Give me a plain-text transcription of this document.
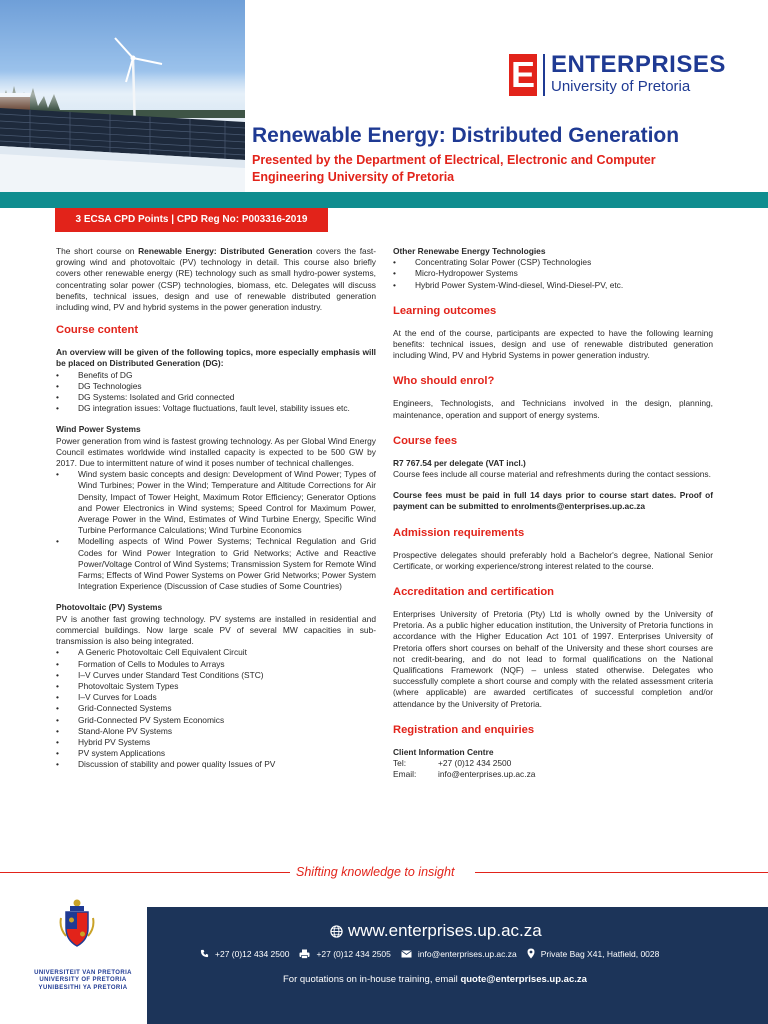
E ENTERPRISES
University of Pretoria
Renewable Energy: Distributed Generation
Presented by the Department of Electrical, Electronic and Computer Engineering University of Pretoria
3 ECSA CPD Points | CPD Reg No: P003316-2019

The short course on Renewable Energy: Distributed Generation covers the fast-growing wind and photovoltaic (PV) technology in detail. This course also briefly covers other renewable energy (RE) technology such as small hydro-power systems, concentrating solar power (CSP) technologies, biomass, etc. Delegates will discuss benefits, technical issues, design and use of renewable distributed generation including wind, PV and hybrid systems in the power generation industry.

Course content

An overview will be given of the following topics, more especially emphasis will be placed on Distributed Generation (DG):

• Benefits of DG
• DG Technologies
• DG Systems: Isolated and Grid connected
• DG integration issues: Voltage fluctuations, fault level, stability issues etc.
Wind Power Systems

Power generation from wind is fastest growing technology. As per Global Wind Energy Council estimates worldwide wind installed capacity is expected to be 500 GW by 2017. Due to intermittent nature of wind it poses number of technical challenges.

• Wind system basic concepts and design: Development of Wind Power; Types of Wind Turbines; Power in the Wind; Temperature and Altitude Corrections for Air Density, Impact of Tower Height, Maximum Rotor Efficiency; Generator Options and Power Electronics in Wind systems; Speed Control for Maximum Power, Average Power in the Wind, Estimates of Wind Turbine Energy, Specific Wind Turbine Performance Calculations; Wind Turbine Economics
• Modelling aspects of Wind Power Systems; Technical Regulation and Grid Codes for Wind Power Integration to Grid Networks; Active and Reactive Power/Voltage Control of Wind Systems; Transmission System for Remote Wind Farms; Effects of Wind Power Systems on Power Grid Networks; Power System Integration Experience (Discussion of Case studies of Some Countries)
Photovoltaic (PV) Systems

PV is another fast growing technology. PV systems are installed in residential and commercial buildings. Now large scale PV of several MW capacities in sub-transmission is also being integrated.

• A Generic Photovoltaic Cell Equivalent Circuit
• Formation of Cells to Modules to Arrays
• I–V Curves under Standard Test Conditions (STC)
• Photovoltaic System Types
• I–V Curves for Loads
• Grid-Connected Systems
• Grid-Connected PV System Economics
• Stand-Alone PV Systems
• Hybrid PV Systems
• PV system Applications
• Discussion of stability and power quality Issues of PV
Other Renewabe Energy Technologies
• Concentrating Solar Power (CSP) Technologies
• Micro-Hydropower Systems
• Hybrid Power System-Wind-diesel, Wind-Diesel-PV, etc.
Learning outcomes

At the end of the course, participants are expected to have the following learning benefits: technical issues, design and use of renewable distributed generation including Wind, PV and Hybrid Systems in power generation industry.

Who should enrol?

Engineers, Technologists, and Technicians involved in the design, planning, maintenance, operation and support of energy systems.

Course fees

R7 767.54 per delegate (VAT incl.)

Course fees include all course material and refreshments during the contact sessions.

Course fees must be paid in full 14 days prior to course start dates. Proof of payment can be submitted to enrolments@enterprises.up.ac.za

Admission requirements

Prospective delegates should preferably hold a Bachelor's degree, National Senior Certificate, or working experience/strong interest related to the course.

Accreditation and certification

Enterprises University of Pretoria (Pty) Ltd is wholly owned by the University of Pretoria. As a public higher education institution, the University of Pretoria functions in accordance with the Higher Education Act 101 of 1997. Enterprises University of Pretoria offers short courses on behalf of the University and these short courses are not credit-bearing, and do not lead to formal qualifications on the National Qualifications Framework (NQF) – unless stated otherwise. Delegates who successfully complete a short course and comply with the related assessment criteria (where applicable) are awarded certificates of successful completion and/or attendance by the University of Pretoria.

Registration and enquiries

Client Information Centre

Tel:	+27 (0)12 434 2500
Email:	info@enterprises.up.ac.za
Shifting knowledge to insight
UNIVERSITEIT VAN PRETORIA
UNIVERSITY OF PRETORIA
YUNIBESITHI YA PRETORIA
www.enterprises.up.ac.za
+27 (0)12 434 2500	+27 (0)12 434 2505	info@enterprises.up.ac.za	Private Bag X41, Hatfield, 0028
For quotations on in-house training, email quote@enterprises.up.ac.za
